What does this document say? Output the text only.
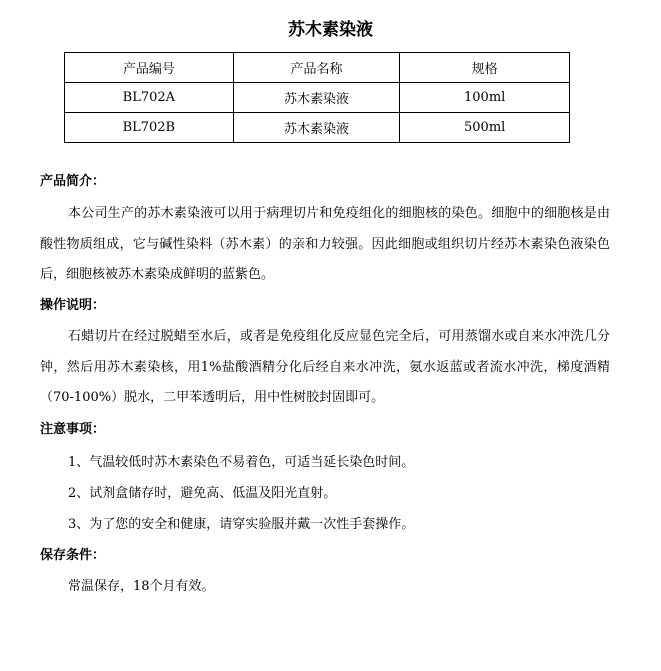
苏木素染液
产品编号	产品名称	规格
BL702A	苏木素染液	100ml
BL702B	苏木素染液	500ml
产品简介：

本公司生产的苏木素染液可以用于病理切片和免疫组化的细胞核的染色。细胞中的细胞核是由酸性物质组成，它与碱性染料（苏木素）的亲和力较强。因此细胞或组织切片经苏木素染色液染色后，细胞核被苏木素染成鲜明的蓝紫色。

操作说明：

石蜡切片在经过脱蜡至水后，或者是免疫组化反应显色完全后，可用蒸馏水或自来水冲洗几分钟，然后用苏木素染核，用1%盐酸酒精分化后经自来水冲洗，氨水返蓝或者流水冲洗，梯度酒精（70-100%）脱水，二甲苯透明后，用中性树胶封固即可。

注意事项：

1、气温较低时苏木素染色不易着色，可适当延长染色时间。

2、试剂盒储存时，避免高、低温及阳光直射。

3、为了您的安全和健康，请穿实验服并戴一次性手套操作。

保存条件：

常温保存，18个月有效。
